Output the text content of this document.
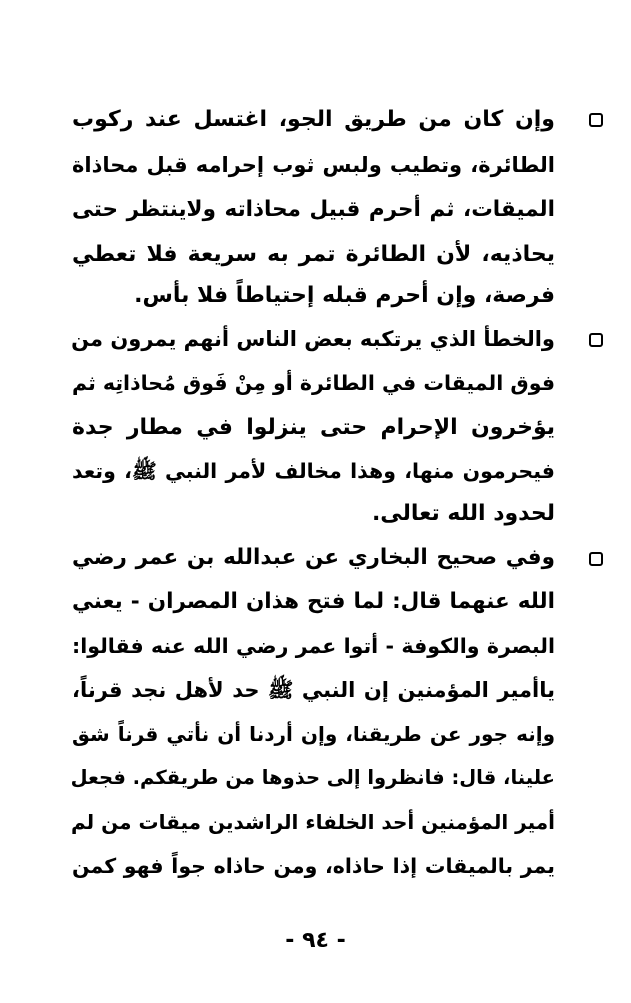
وإن كان من طريق الجو، اغتسل عند ركوب
الطائرة، وتطيب ولبس ثوب إحرامه قبل محاذاة
الميقات، ثم أحرم قبيل محاذاته ولاينتظر حتى
يحاذيه، لأن الطائرة تمر به سريعة فلا تعطي
فرصة، وإن أحرم قبله إحتياطاً فلا بأس.
والخطأ الذي يرتكبه بعض الناس أنهم يمرون من
فوق الميقات في الطائرة أو مِنْ فَوق مُحاذاتِه ثم
يؤخرون الإحرام حتى ينزلوا في مطار جدة
فيحرمون منها، وهذا مخالف لأمر النبي ﷺ، وتعد
لحدود الله تعالى.
وفي صحيح البخاري عن عبدالله بن عمر رضي
الله عنهما قال: لما فتح هذان المصران - يعني
البصرة والكوفة - أتوا عمر رضي الله عنه فقالوا:
ياأمير المؤمنين إن النبي ﷺ حد لأهل نجد قرناً،
وإنه جور عن طريقنا، وإن أردنا أن نأتي قرناً شق
علينا، قال: فانظروا إلى حذوها من طريقكم. فجعل
أمير المؤمنين أحد الخلفاء الراشدين ميقات من لم
يمر بالميقات إذا حاذاه، ومن حاذاه جواً فهو كمن
- ٩٤ -
